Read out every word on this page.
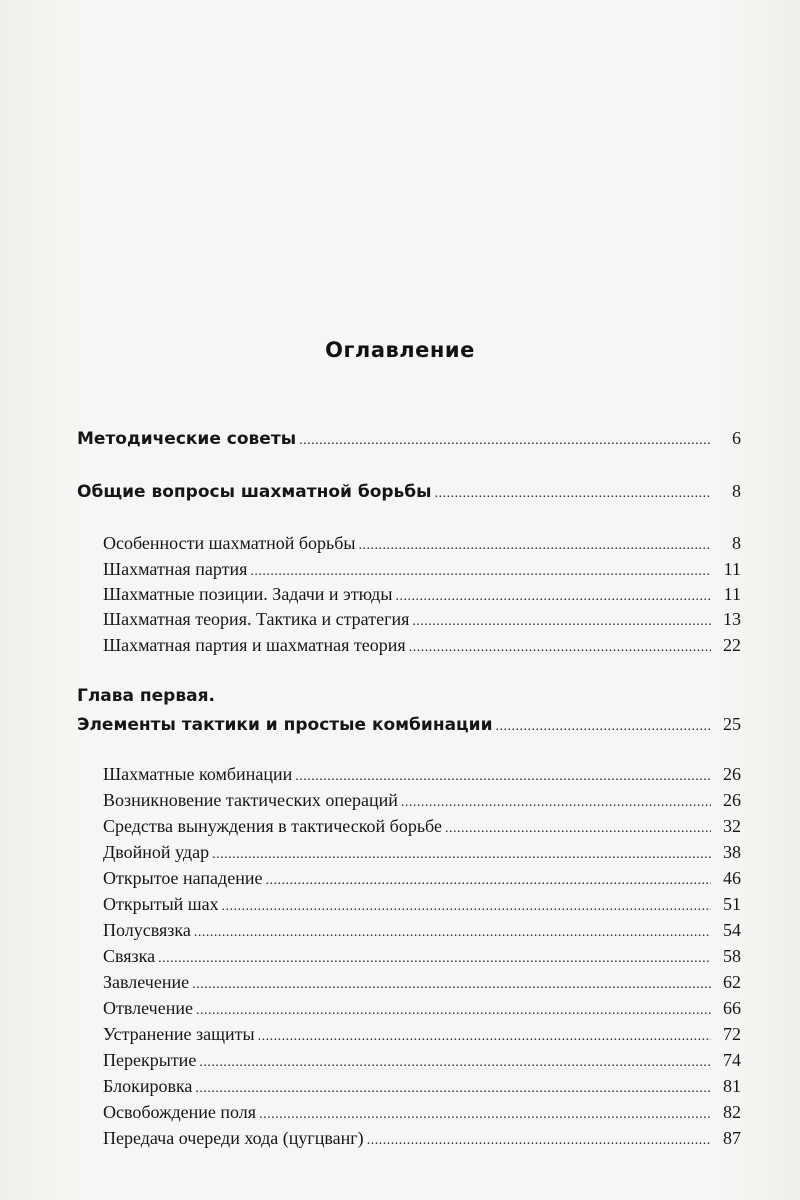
Оглавление
Методические советы .....	6
Общие вопросы шахматной борьбы .....	8
Особенности шахматной борьбы .....	8
Шахматная партия .....	11
Шахматные позиции. Задачи и этюды .....	11
Шахматная теория. Тактика и стратегия .....	13
Шахматная партия и шахматная теория .....	22
Глава первая.
Элементы тактики и простые комбинации .....	25
Шахматные комбинации .....	26
Возникновение тактических операций .....	26
Средства вынуждения в тактической борьбе .....	32
Двойной удар .....	38
Открытое нападение .....	46
Открытый шах .....	51
Полусвязка .....	54
Связка .....	58
Завлечение .....	62
Отвлечение .....	66
Устранение защиты .....	72
Перекрытие .....	74
Блокировка .....	81
Освобождение поля .....	82
Передача очереди хода (цугцванг) .....	87
